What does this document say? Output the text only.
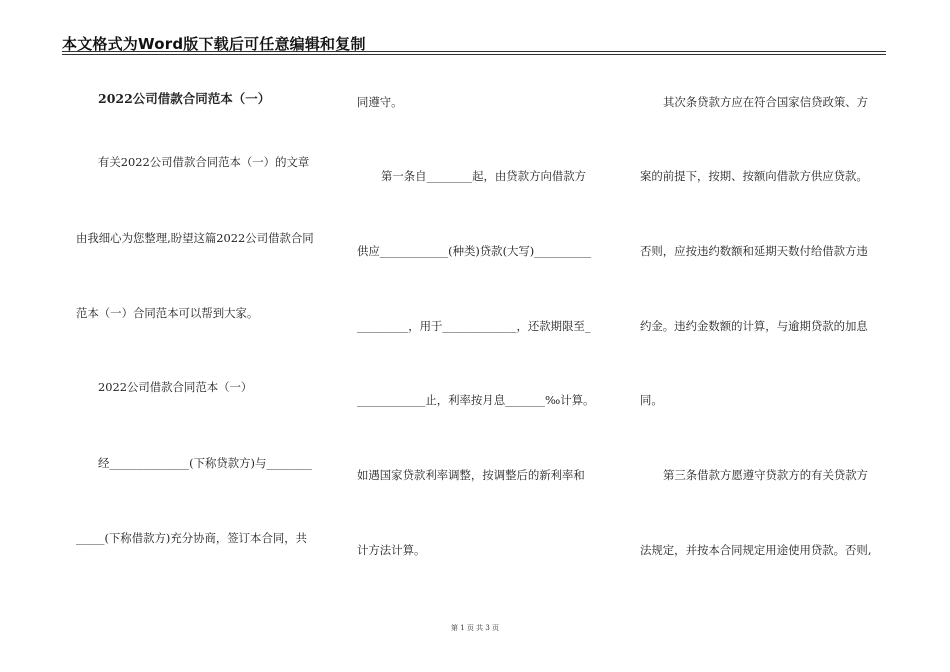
本文格式为Word版下载后可任意编辑和复制
2022公司借款合同范本（一）
有关2022公司借款合同范本（一）的文章
由我细心为您整理,盼望这篇2022公司借款合同
范本（一）合同范本可以帮到大家。
2022公司借款合同范本（一）
经______________(下称贷款方)与________
_____(下称借款方)充分协商，签订本合同，共
同遵守。
第一条自________起，由贷款方向借款方
供应____________(种类)贷款(大写)__________
_________，用于_____________，还款期限至_
____________止，利率按月息_______‰计算。
如遇国家贷款利率调整，按调整后的新利率和
计方法计算。
其次条贷款方应在符合国家信贷政策、方
案的前提下，按期、按额向借款方供应贷款。
否则，应按违约数额和延期天数付给借款方违
约金。违约金数额的计算，与逾期贷款的加息
同。
第三条借款方愿遵守贷款方的有关贷款方
法规定，并按本合同规定用途使用贷款。否则,
第 1 页 共 3 页
